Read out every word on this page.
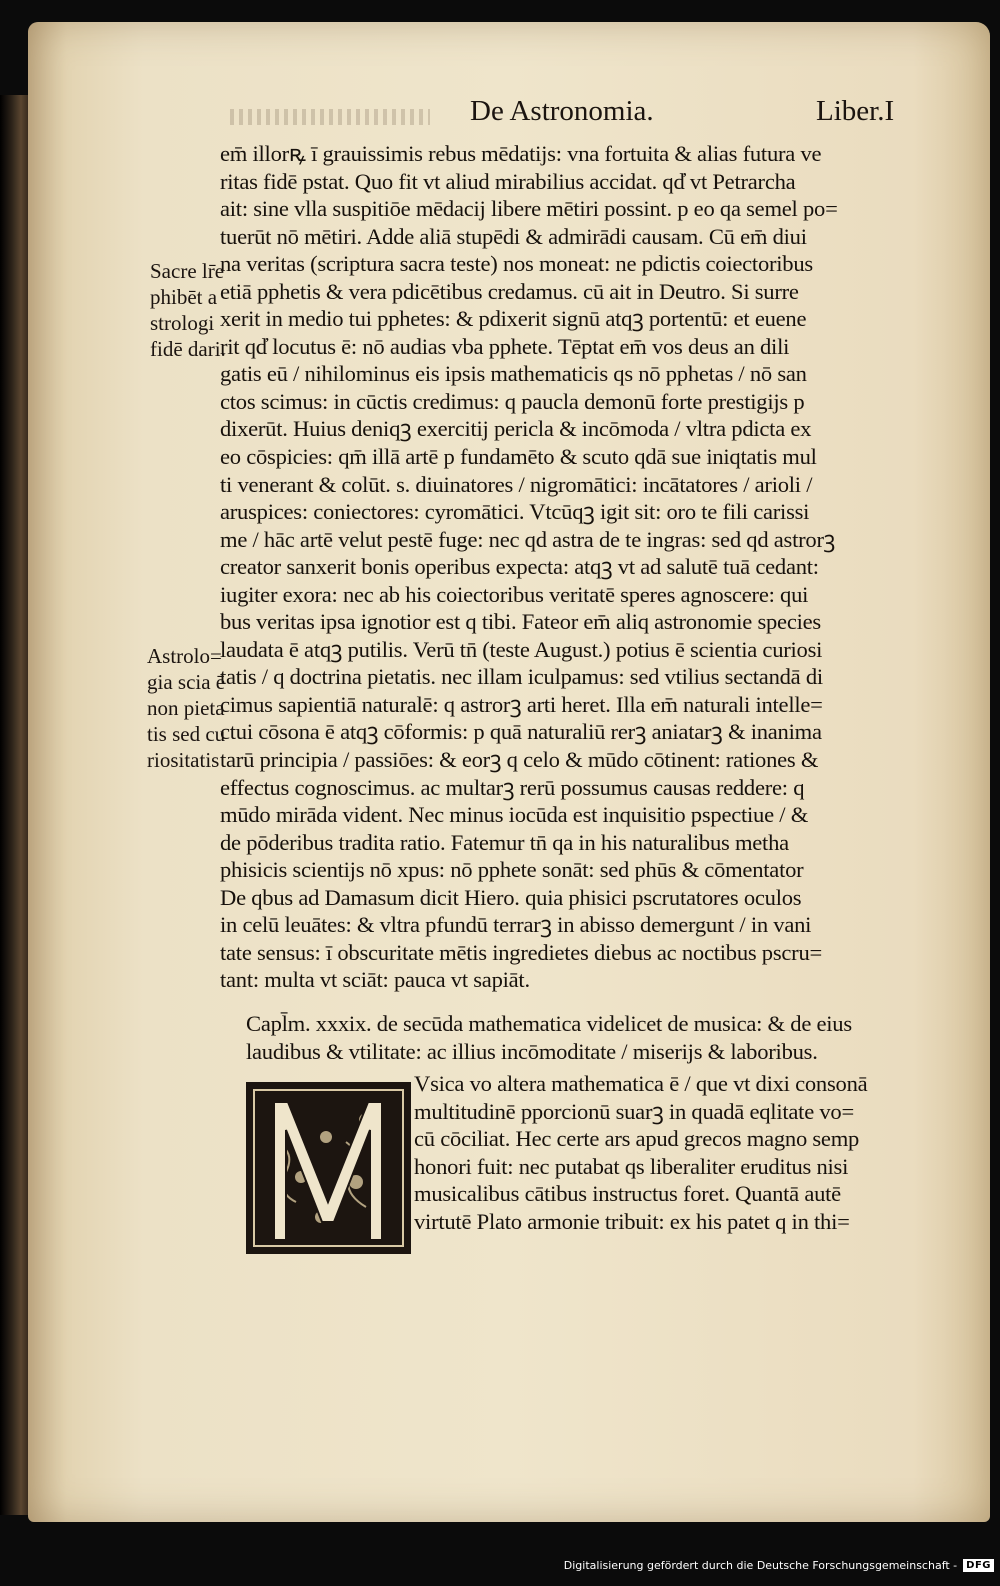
De Astronomia.	Liber.I
Sacre lr̄e
phibēt a
strologi
fidē dari.
Astrolo=
gia scia ē
non pieta
tis sed cu
riositatis
em̄ illorꝶ ī grauissimis rebus mēdatijs: vna fortuita & alias futura ve
ritas fidē pstat. Quo fit vt aliud mirabilius accidat. qd̓ vt Petrarcha
ait: sine vlla suspitiōe mēdacij libere mētiri possint. p eo qa semel po=
tuerūt nō mētiri. Adde aliā stupēdi & admirādi causam. Cū em̄ diui
na veritas (scriptura sacra teste) nos moneat: ne pdictis coiectoribus
etiā pphetis & vera pdicētibus credamus. cū ait in Deutro. Si surre
xerit in medio tui pphetes: & pdixerit signū atqꝫ portentū: et euene
rit qd̓ locutus ē: nō audias vba pphete. Tēptat em̄ vos deus an dili
gatis eū / nihilominus eis ipsis mathematicis qs nō pphetas / nō san
ctos scimus: in cūctis credimus: q paucla demonū forte prestigijs p
dixerūt. Huius deniqꝫ exercitij pericla & incōmoda / vltra pdicta ex
eo cōspicies: qm̄ illā artē p fundamēto & scuto qdā sue iniqtatis mul
ti venerant & colūt. s. diuinatores / nigromātici: incātatores / arioli /
aruspices: coniectores: cyromātici. Vtcūqꝫ igit sit: oro te fili carissi
me / hāc artē velut pestē fuge: nec qd astra de te ingras: sed qd astrorꝫ
creator sanxerit bonis operibus expecta: atqꝫ vt ad salutē tuā cedant:
iugiter exora: nec ab his coiectoribus veritatē speres agnoscere: qui
bus veritas ipsa ignotior est q tibi. Fateor em̄ aliq astronomie species
laudata ē atqꝫ putilis. Verū tn̄ (teste August.) potius ē scientia curiosi
tatis / q doctrina pietatis. nec illam iculpamus: sed vtilius sectandā di
cimus sapientiā naturalē: q astrorꝫ arti heret. Illa em̄ naturali intelle=
ctui cōsona ē atqꝫ cōformis: p quā naturaliū rerꝫ aniatarꝫ & inanima
tarū principia / passiōes: & eorꝫ q celo & mūdo cōtinent: rationes &
effectus cognoscimus. ac multarꝫ rerū possumus causas reddere: q
mūdo mirāda vident. Nec minus iocūda est inquisitio pspectiue / &
de pōderibus tradita ratio. Fatemur tn̄ qa in his naturalibus metha
phisicis scientijs nō xpus: nō pphete sonāt: sed phūs & cōmentator
De qbus ad Damasum dicit Hiero. quia phisici pscrutatores oculos
in celū leuātes: & vltra pfundū terrarꝫ in abisso demergunt / in vani
tate sensus: ī obscuritate mētis ingredietes diebus ac noctibus pscru=
tant: multa vt sciāt: pauca vt sapiāt.
Capl̄m. xxxix. de secūda mathematica videlicet de musica: & de eius
laudibus & vtilitate: ac illius incōmoditate / miserijs & laboribus.
Vsica vo altera mathematica ē / que vt dixi consonā
multitudinē pporcionū suarꝫ in quadā eqlitate vo=
cū cōciliat. Hec certe ars apud grecos magno semp
honori fuit: nec putabat qs liberaliter eruditus nisi
musicalibus cātibus instructus foret. Quantā autē
virtutē Plato armonie tribuit: ex his patet q in thi=
Digitalisierung gefördert durch die Deutsche Forschungsgemeinschaft - DFG
